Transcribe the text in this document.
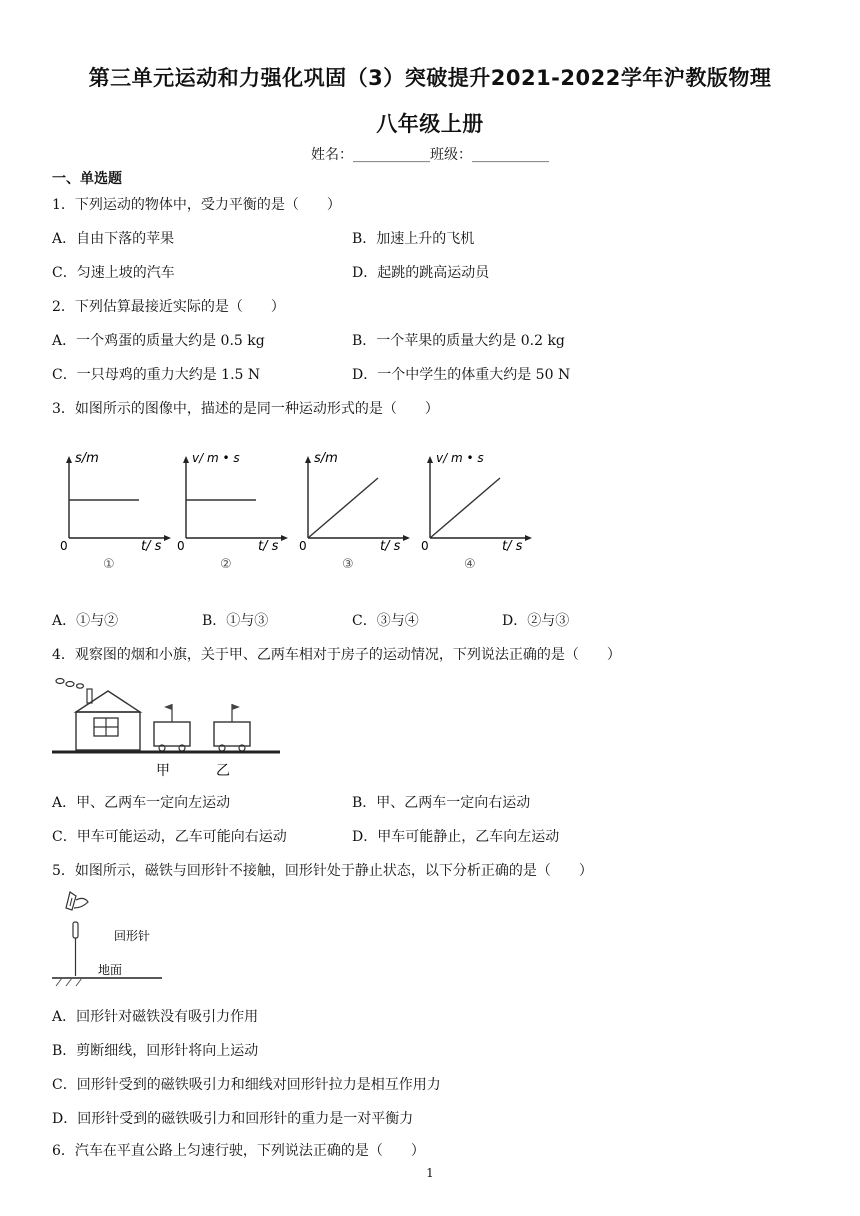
第三单元运动和力强化巩固（3）突破提升2021-2022学年沪教版物理
八年级上册
姓名：___________班级：___________
一、单选题
1．下列运动的物体中，受力平衡的是（　　）
A．自由下落的苹果	B．加速上升的飞机
C．匀速上坡的汽车	D．起跳的跳高运动员
2．下列估算最接近实际的是（　　）
A．一个鸡蛋的质量大约是 0.5 kg	B．一个苹果的质量大约是 0.2 kg
C．一只母鸡的重力大约是 1.5 N	D．一个中学生的体重大约是 50 N
3．如图所示的图像中，描述的是同一种运动形式的是（　　）
s/m
0	t/ s
①
v/ m • s
0	t/ s
②
s/m
0	t/ s
③
v/ m • s
0	t/ s
④
A．①与②	B．①与③	C．③与④	D．②与③
4．观察图的烟和小旗，关于甲、乙两车相对于房子的运动情况，下列说法正确的是（　　）
甲	乙
A．甲、乙两车一定向左运动	B．甲、乙两车一定向右运动
C．甲车可能运动，乙车可能向右运动	D．甲车可能静止，乙车向左运动
5．如图所示，磁铁与回形针不接触，回形针处于静止状态，以下分析正确的是（　　）
回形针
地面
A．回形针对磁铁没有吸引力作用
B．剪断细线，回形针将向上运动
C．回形针受到的磁铁吸引力和细线对回形针拉力是相互作用力
D．回形针受到的磁铁吸引力和回形针的重力是一对平衡力
6．汽车在平直公路上匀速行驶，下列说法正确的是（　　）
1
